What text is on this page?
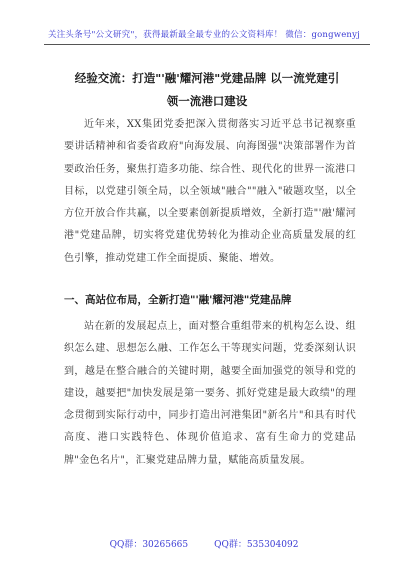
关注头条号"公文研究"，获得最新最全最专业的公文资料库！ 微信：gongwenyj
经验交流：打造"'融'耀河港"党建品牌 以一流党建引
领一流港口建设
近年来，XX集团党委把深入贯彻落实习近平总书记视察重要讲话精神和省委省政府"向海发展、向海图强"决策部署作为首要政治任务，聚焦打造多功能、综合性、现代化的世界一流港口目标，以党建引领全局，以全领域"融合""融入"破题攻坚，以全方位开放合作共赢，以全要素创新提质增效，全新打造"'融'耀河港"党建品牌，切实将党建优势转化为推动企业高质量发展的红色引擎，推动党建工作全面提质、聚能、增效。
一、高站位布局，全新打造"'融'耀河港"党建品牌
站在新的发展起点上，面对整合重组带来的机构怎么设、组织怎么建、思想怎么融、工作怎么干等现实问题，党委深刻认识到，越是在整合融合的关键时期，越要全面加强党的领导和党的建设，越要把"加快发展是第一要务、抓好党建是最大政绩"的理念贯彻到实际行动中，同步打造出河港集团"新名片"和具有时代高度、港口实践特色、体现价值追求、富有生命力的党建品牌"金色名片"，汇聚党建品牌力量，赋能高质量发展。
QQ群：30265665	QQ群：535304092
